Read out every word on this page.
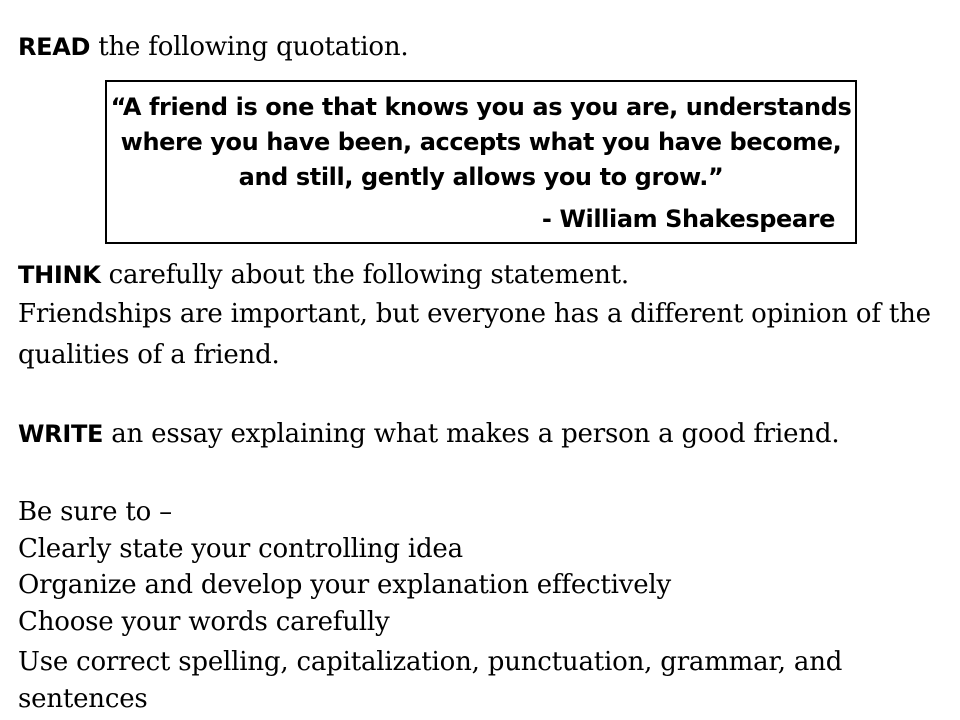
READ the following quotation.
“A friend is one that knows you as you are, understands
where you have been, accepts what you have become,
and still, gently allows you to grow.”
- William Shakespeare
THINK carefully about the following statement.
Friendships are important, but everyone has a different opinion of the
qualities of a friend.
WRITE an essay explaining what makes a person a good friend.
Be sure to –
Clearly state your controlling idea
Organize and develop your explanation effectively
Choose your words carefully
Use correct spelling, capitalization, punctuation, grammar, and
sentences
